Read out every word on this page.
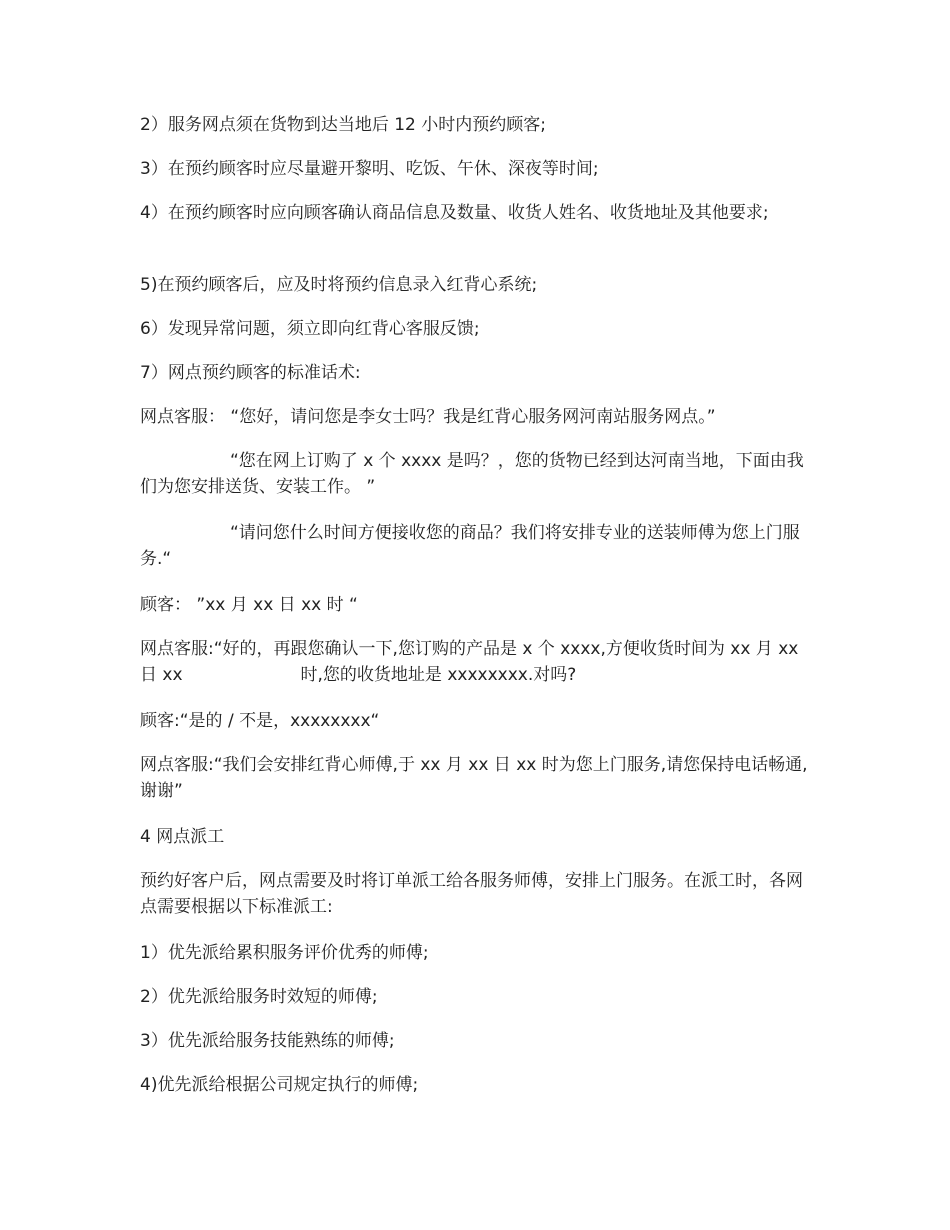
2）服务网点须在货物到达当地后 12 小时内预约顾客;

3）在预约顾客时应尽量避开黎明、吃饭、午休、深夜等时间;

4）在预约顾客时应向顾客确认商品信息及数量、收货人姓名、收货地址及其他要求;

5)在预约顾客后，应及时将预约信息录入红背心系统;

6）发现异常问题，须立即向红背心客服反馈;

7）网点预约顾客的标准话术:

网点客服： “您好，请问您是李女士吗？我是红背心服务网河南站服务网点。”

“您在网上订购了 x 个 xxxx 是吗？，您的货物已经到达河南当地，下面由我们为您安排送货、安装工作。 ”

“请问您什么时间方便接收您的商品？我们将安排专业的送装师傅为您上门服务.“

顾客： ”xx 月 xx 日 xx 时 “

网点客服:“好的，再跟您确认一下,您订购的产品是 x 个 xxxx,方便收货时间为 xx 月 xx 日 xx	时,您的收货地址是 xxxxxxxx.对吗?

顾客:“是的 / 不是，xxxxxxxx“

网点客服:“我们会安排红背心师傅,于 xx 月 xx 日 xx 时为您上门服务,请您保持电话畅通,谢谢”

4 网点派工

预约好客户后，网点需要及时将订单派工给各服务师傅，安排上门服务。在派工时，各网点需要根据以下标准派工:

1）优先派给累积服务评价优秀的师傅;

2）优先派给服务时效短的师傅;

3）优先派给服务技能熟练的师傅;

4)优先派给根据公司规定执行的师傅;
